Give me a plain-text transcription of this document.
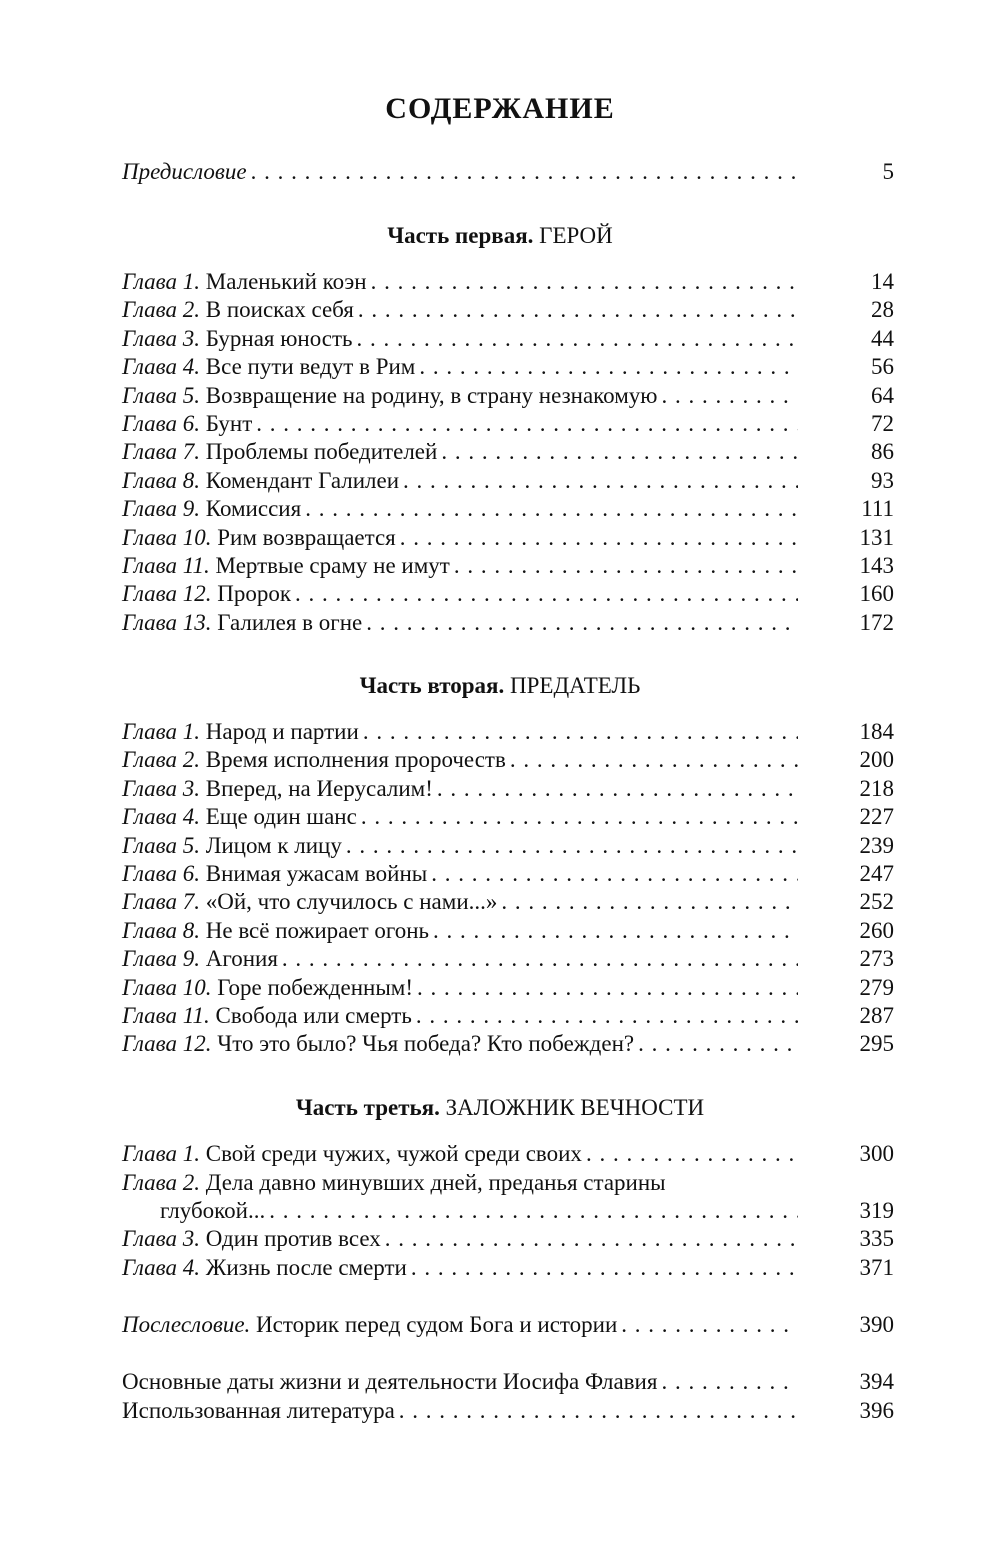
СОДЕРЖАНИЕ
Предисловие . . .	5
Часть первая. ГЕРОЙ
Глава 1. Маленький коэн . . .	14
Глава 2. В поисках себя . . .	28
Глава 3. Бурная юность . . .	44
Глава 4. Все пути ведут в Рим . . .	56
Глава 5. Возвращение на родину, в страну незнакомую . . .	64
Глава 6. Бунт . . .	72
Глава 7. Проблемы победителей . . .	86
Глава 8. Комендант Галилеи . . .	93
Глава 9. Комиссия . . .	111
Глава 10. Рим возвращается . . .	131
Глава 11. Мертвые сраму не имут . . .	143
Глава 12. Пророк . . .	160
Глава 13. Галилея в огне . . .	172
Часть вторая. ПРЕДАТЕЛЬ
Глава 1. Народ и партии . . .	184
Глава 2. Время исполнения пророчеств . . .	200
Глава 3. Вперед, на Иерусалим! . . .	218
Глава 4. Еще один шанс . . .	227
Глава 5. Лицом к лицу . . .	239
Глава 6. Внимая ужасам войны . . .	247
Глава 7. «Ой, что случилось с нами...» . . .	252
Глава 8. Не всё пожирает огонь . . .	260
Глава 9. Агония . . .	273
Глава 10. Горе побежденным! . . .	279
Глава 11. Свобода или смерть . . .	287
Глава 12. Что это было? Чья победа? Кто побежден? . . .	295
Часть третья. ЗАЛОЖНИК ВЕЧНОСТИ
Глава 1. Свой среди чужих, чужой среди своих . . .	300
Глава 2. Дела давно минувших дней, преданья старины
глубокой... . . .	319
Глава 3. Один против всех . . .	335
Глава 4. Жизнь после смерти . . .	371
Послесловие. Историк перед судом Бога и истории . . .	390
Основные даты жизни и деятельности Иосифа Флавия . . .	394
Использованная литература . . .	396
